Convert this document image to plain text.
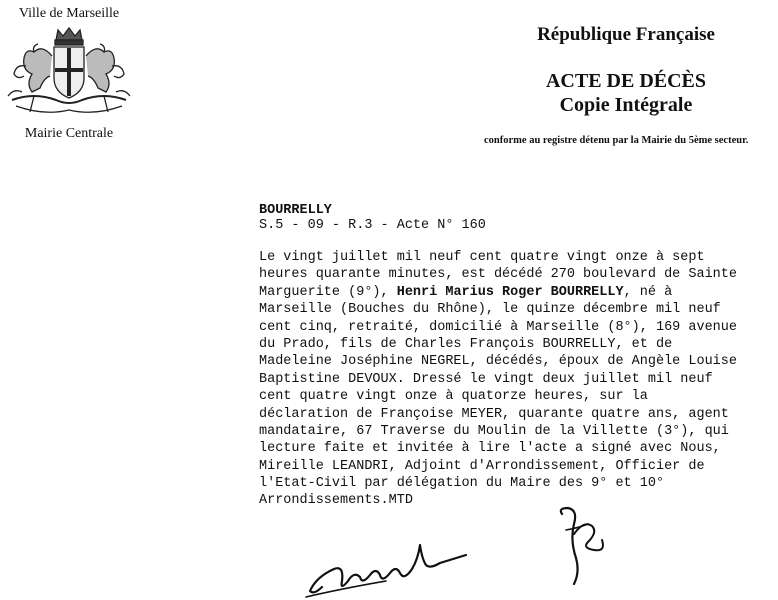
Ville de Marseille
Mairie Centrale
République Française
ACTE DE DÉCÈS
Copie Intégrale
conforme au registre détenu par la Mairie du 5ème secteur.
BOURRELLY
S.5 - 09 - R.3 - Acte N° 160
Le vingt juillet mil neuf cent quatre vingt onze à sept
heures quarante minutes, est décédé 270 boulevard de Sainte
Marguerite (9°), Henri Marius Roger BOURRELLY, né à
Marseille (Bouches du Rhône), le quinze décembre mil neuf
cent cinq, retraité, domicilié à Marseille (8°), 169 avenue
du Prado, fils de Charles François BOURRELLY, et de
Madeleine Joséphine NEGREL, décédés, époux de Angèle Louise
Baptistine DEVOUX. Dressé le vingt deux juillet mil neuf
cent quatre vingt onze à quatorze heures, sur la
déclaration de Françoise MEYER, quarante quatre ans, agent
mandataire, 67 Traverse du Moulin de la Villette (3°), qui
lecture faite et invitée à lire l'acte a signé avec Nous,
Mireille LEANDRI, Adjoint d'Arrondissement, Officier de
l'Etat-Civil par délégation du Maire des 9° et 10°
Arrondissements.MTD
